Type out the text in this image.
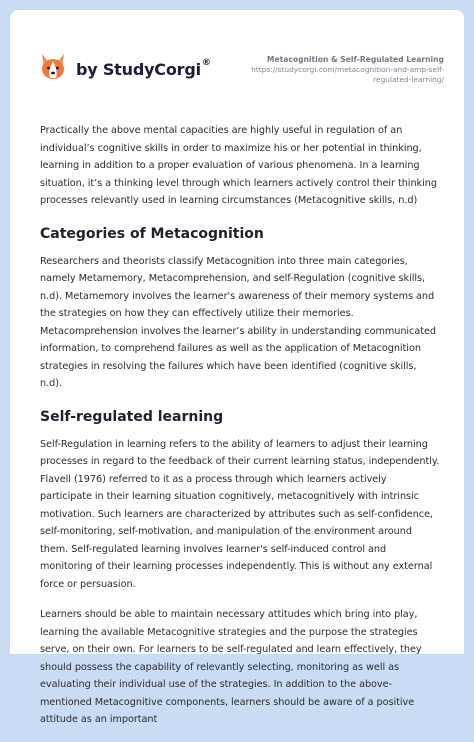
by StudyCorgi®	Metacognition & Self-Regulated Learning
https://studycorgi.com/metacognition-and-amp-self-
regulated-learning/

Practically the above mental capacities are highly useful in regulation of an individual’s cognitive skills in order to maximize his or her potential in thinking, learning in addition to a proper evaluation of various phenomena. In a learning situation, it’s a thinking level through which learners actively control their thinking processes relevantly used in learning circumstances (Metacognitive skills, n.d)

Categories of Metacognition

Researchers and theorists classify Metacognition into three main categories, namely Metamemory, Metacomprehension, and self-Regulation (cognitive skills, n.d). Metamemory involves the learner's awareness of their memory systems and the strategies on how they can effectively utilize their memories. Metacomprehension involves the learner’s ability in understanding communicated information, to comprehend failures as well as the application of Metacognition strategies in resolving the failures which have been identified (cognitive skills, n.d).

Self-regulated learning

Self-Regulation in learning refers to the ability of learners to adjust their learning processes in regard to the feedback of their current learning status, independently. Flavell (1976) referred to it as a process through which learners actively participate in their learning situation cognitively, metacognitively with intrinsic motivation. Such learners are characterized by attributes such as self-confidence, self-monitoring, self-motivation, and manipulation of the environment around them. Self-regulated learning involves learner's self-induced control and monitoring of their learning processes independently. This is without any external force or persuasion.

Learners should be able to maintain necessary attitudes which bring into play, learning the available Metacognitive strategies and the purpose the strategies serve, on their own. For learners to be self-regulated and learn effectively, they should possess the capability of relevantly selecting, monitoring as well as evaluating their individual use of the strategies. In addition to the above-mentioned Metacognitive components, learners should be aware of a positive attitude as an important
